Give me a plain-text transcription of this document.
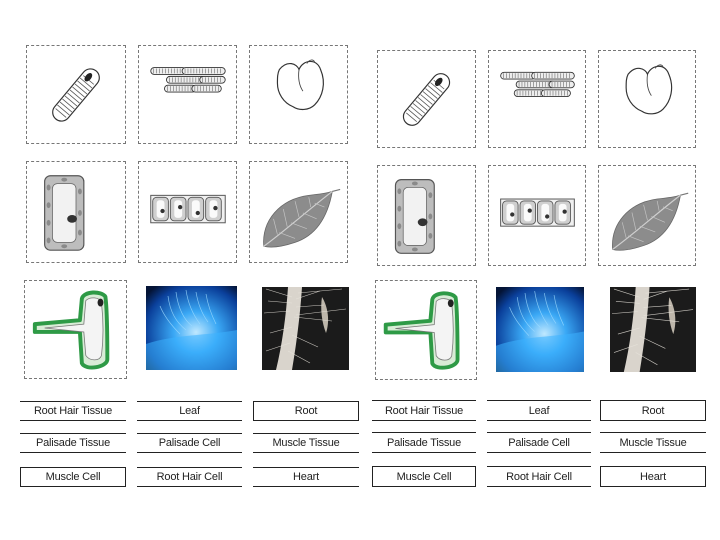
Root Hair Tissue	Leaf	Root
Palisade Tissue	Palisade Cell	Muscle Tissue
Muscle Cell	Root Hair Cell	Heart
Root Hair Tissue	Leaf	Root
Palisade Tissue	Palisade Cell	Muscle Tissue
Muscle Cell	Root Hair Cell	Heart
